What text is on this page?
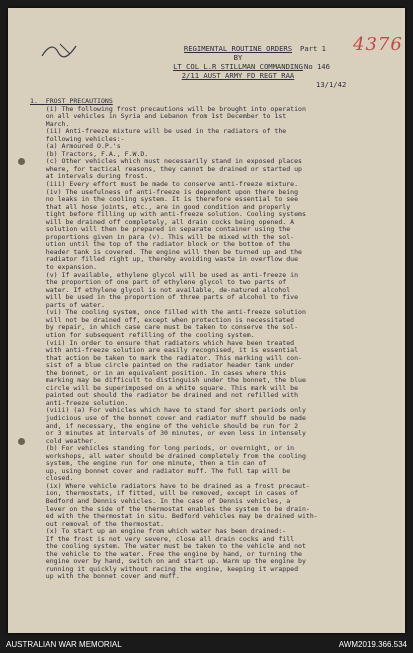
4376
REGIMENTAL ROUTINE ORDERS
BY
LT COL L.R STILLMAN COMMANDING
2/11 AUST ARMY FD REGT RAA
Part 1
No 146
13/1/42
1.  FROST PRECAUTIONS
(i) The following frost precautions will be brought into operation
on all vehicles in Syria and Lebanon from 1st December to 1st
March.
(ii) Anti-freeze mixture will be used in the radiators of the
following vehicles:-
(a) Armoured O.P.'s
(b) Tractors, F.A., F.W.D.
(c) Other vehicles which must necessarily stand in exposed places
where, for tactical reasons, they cannot be drained or started up
at intervals during frost.
(iii) Every effort must be made to conserve anti-freeze mixture.
(iv) The usefulness of anti-freeze is dependent upon there being
no leaks in the cooling system. It is therefore essential to see
that all hose joints, etc., are in good condition and properly
tight before filling up with anti-freeze solution. Cooling systems
will be drained off completely, all drain cocks being opened. A
solution will then be prepared in separate container using the
proportions given in para (v). This will be mixed with the sol-
ution until the top of the radiator block or the bottom of the
header tank is covered. The engine will then be turned up and the
radiator filled right up, thereby avoiding waste in overflow due
to expansion.
(v) If available, ethylene glycol will be used as anti-freeze in
the proportion of one part of ethylene glycol to two parts of
water. If ethylene glycol is not available, de-natured alcohol
will be used in the proportion of three parts of alcohol to five
parts of water.
(vi) The cooling system, once filled with the anti-freeze solution
will not be drained off, except when protection is necessitated
by repair, in which case care must be taken to conserve the sol-
ution for subsequent refilling of the cooling system.
(vii) In order to ensure that radiators which have been treated
with anti-freeze solution are easily recognised, it is essential
that action be taken to mark the radiator. This marking will con-
sist of a blue circle painted on the radiator header tank under
the bonnet, or in an equivalent position. In cases where this
marking may be difficult to distinguish under the bonnet, the blue
circle will be superimposed on a white square. This mark will be
painted out should the radiator be drained and not refilled with
anti-freeze solution.
(viii) (a) For vehicles which have to stand for short periods only
judicious use of the bonnet cover and radiator muff should be made
and, if necessary, the engine of the vehicle should be run for 2
or 3 minutes at intervals of 30 minutes, or even less in intensely
cold weather.
(b) For vehicles standing for long periods, or overnight, or in
workshops, all water should be drained completely from the cooling
system, the engine run for one minute, then a tin can of
up, using bonnet cover and radiator muff. The full tap will be
closed.
(ix) Where vehicle radiators have to be drained as a frost precaut-
ion, thermostats, if fitted, will be removed, except in cases of
Bedford and Dennis vehicles. In the case of Dennis vehicles, a
lever on the side of the thermostat enables the system to be drain-
ed with the thermostat in situ. Bedford vehicles may be drained with-
out removal of the thermostat.
(x) To start up an engine from which water has been drained:-
If the frost is not very severe, close all drain cocks and fill
the cooling system. The water must be taken to the vehicle and not
the vehicle to the water. Free the engine by hand, or turning the
engine over by hand, switch on and start up. Warm up the engine by
running it quickly without racing the engine, keeping it wrapped
up with the bonnet cover and muff.
AUSTRALIAN WAR MEMORIAL	AWM2019.366.534
